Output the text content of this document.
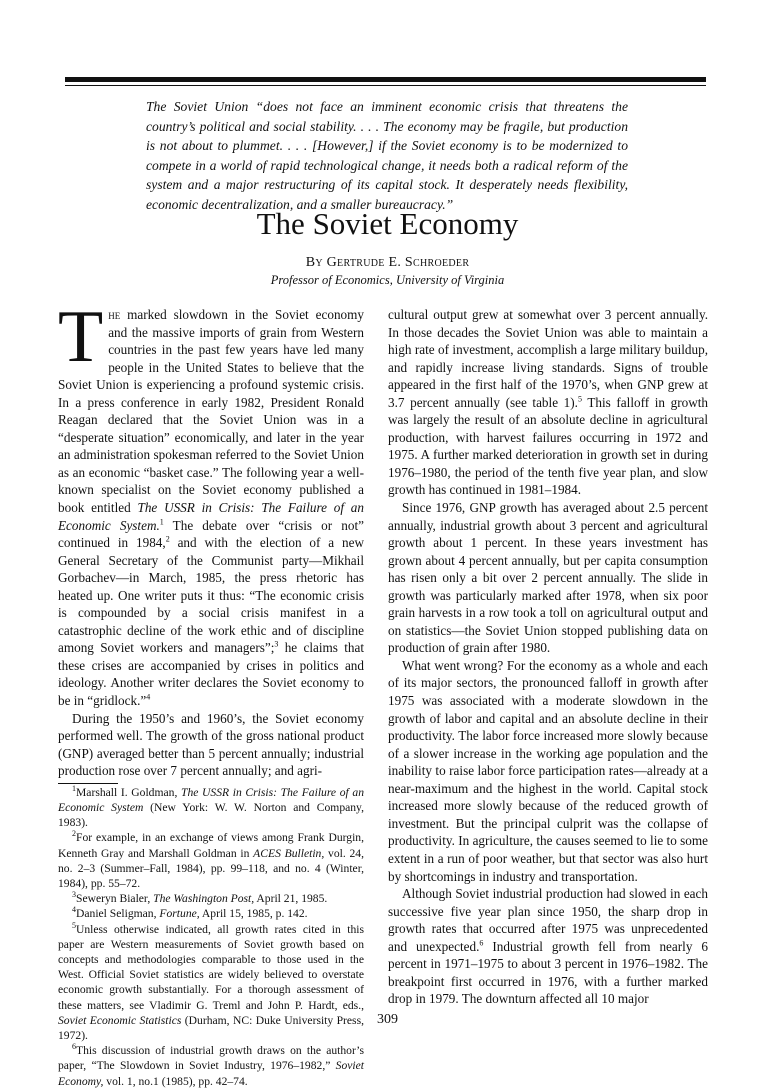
The Soviet Union “does not face an imminent economic crisis that threatens the country’s political and social stability. . . . The economy may be fragile, but production is not about to plummet. . . . [However,] if the Soviet economy is to be modernized to compete in a world of rapid technological change, it needs both a radical reform of the system and a major restructuring of its capital stock. It desperately needs flexibility, economic decentralization, and a smaller bureaucracy.”
The Soviet Economy
By Gertrude E. Schroeder
Professor of Economics, University of Virginia

The marked slowdown in the Soviet economy and the massive imports of grain from Western countries in the past few years have led many people in the United States to believe that the Soviet Union is experiencing a profound systemic crisis. In a press conference in early 1982, President Ronald Reagan declared that the Soviet Union was in a “desperate situation” economically, and later in the year an administration spokesman referred to the Soviet Union as an economic “basket case.” The following year a well-known specialist on the Soviet economy published a book entitled The USSR in Crisis: The Failure of an Economic System.$^1$ The debate over “crisis or not” continued in 1984,$^2$ and with the election of a new General Secretary of the Communist party—Mikhail Gorbachev—in March, 1985, the press rhetoric has heated up. One writer puts it thus: “The economic crisis is compounded by a social crisis manifest in a catastrophic decline of the work ethic and of discipline among Soviet workers and managers”;$^3$ he claims that these crises are accompanied by crises in politics and ideology. Another writer declares the Soviet economy to be in “gridlock.”$^4$

During the 1950’s and 1960’s, the Soviet economy performed well. The growth of the gross national product (GNP) averaged better than 5 percent annually; industrial production rose over 7 percent annually; and agri-

$^1$Marshall I. Goldman, The USSR in Crisis: The Failure of an Economic System (New York: W. W. Norton and Company, 1983).

$^2$For example, in an exchange of views among Frank Durgin, Kenneth Gray and Marshall Goldman in ACES Bulletin, vol. 24, no. 2–3 (Summer–Fall, 1984), pp. 99–118, and no. 4 (Winter, 1984), pp. 55–72.

$^3$Seweryn Bialer, The Washington Post, April 21, 1985.

$^4$Daniel Seligman, Fortune, April 15, 1985, p. 142.

$^5$Unless otherwise indicated, all growth rates cited in this paper are Western measurements of Soviet growth based on concepts and methodologies comparable to those used in the West. Official Soviet statistics are widely believed to overstate economic growth substantially. For a thorough assessment of these matters, see Vladimir G. Treml and John P. Hardt, eds., Soviet Economic Statistics (Durham, NC: Duke University Press, 1972).

$^6$This discussion of industrial growth draws on the author’s paper, “The Slowdown in Soviet Industry, 1976–1982,” Soviet Economy, vol. 1, no.1 (1985), pp. 42–74.

cultural output grew at somewhat over 3 percent annually. In those decades the Soviet Union was able to maintain a high rate of investment, accomplish a large military buildup, and rapidly increase living standards. Signs of trouble appeared in the first half of the 1970’s, when GNP grew at 3.7 percent annually (see table 1).$^5$ This falloff in growth was largely the result of an absolute decline in agricultural production, with harvest failures occurring in 1972 and 1975. A further marked deterioration in growth set in during 1976–1980, the period of the tenth five year plan, and slow growth has continued in 1981–1984.

Since 1976, GNP growth has averaged about 2.5 percent annually, industrial growth about 3 percent and agricultural growth about 1 percent. In these years investment has grown about 4 percent annually, but per capita consumption has risen only a bit over 2 percent annually. The slide in growth was particularly marked after 1978, when six poor grain harvests in a row took a toll on agricultural output and on statistics—the Soviet Union stopped publishing data on production of grain after 1980.

What went wrong? For the economy as a whole and each of its major sectors, the pronounced falloff in growth after 1975 was associated with a moderate slowdown in the growth of labor and capital and an absolute decline in their productivity. The labor force increased more slowly because of a slower increase in the working age population and the inability to raise labor force participation rates—already at a near-maximum and the highest in the world. Capital stock increased more slowly because of the reduced growth of investment. But the principal culprit was the collapse of productivity. In agriculture, the causes seemed to lie to some extent in a run of poor weather, but that sector was also hurt by shortcomings in industry and transportation.

Although Soviet industrial production had slowed in each successive five year plan since 1950, the sharp drop in growth rates that occurred after 1975 was unprecedented and unexpected.$^6$ Industrial growth fell from nearly 6 percent in 1971–1975 to about 3 percent in 1976–1982. The breakpoint first occurred in 1976, with a further marked drop in 1979. The downturn affected all 10 major

309
